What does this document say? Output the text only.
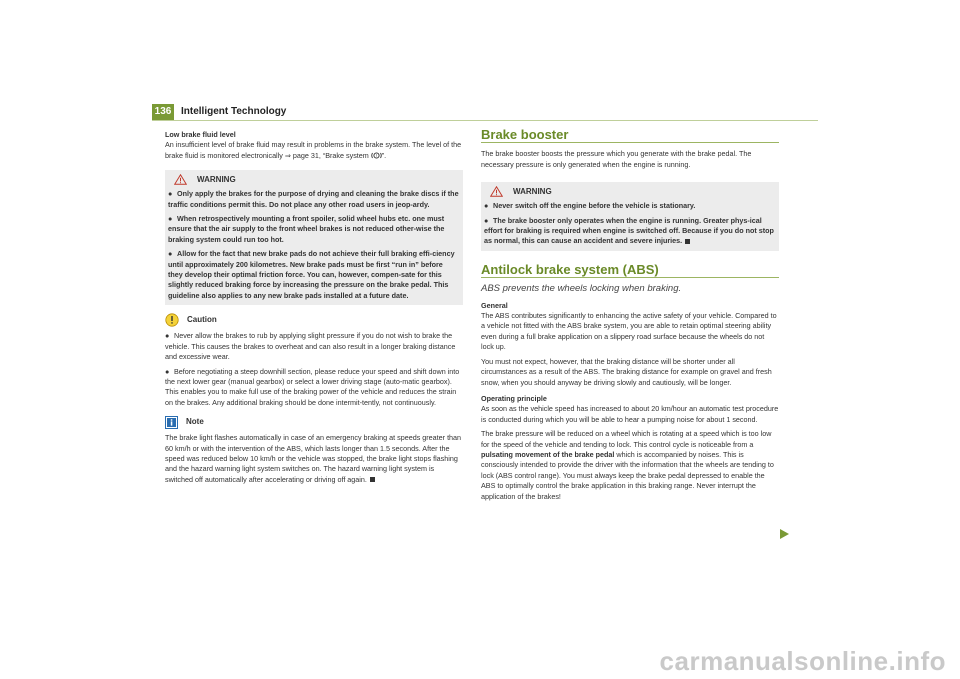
136 Intelligent Technology

Low brake fluid level

An insufficient level of brake fluid may result in problems in the brake system. The level of the brake fluid is monitored electronically ⇒ page 31, “Brake system ! ”.

WARNING
● Only apply the brakes for the purpose of drying and cleaning the brake discs if the traffic conditions permit this. Do not place any other road users in jeop-ardy.
● When retrospectively mounting a front spoiler, solid wheel hubs etc. one must ensure that the air supply to the front wheel brakes is not reduced other-wise the braking system could run too hot.
● Allow for the fact that new brake pads do not achieve their full braking effi-ciency until approximately 200 kilometres. New brake pads must be first “run in” before they develop their optimal friction force. You can, however, compen-sate for this slightly reduced braking force by increasing the pressure on the brake pedal. This guideline also applies to any new brake pads installed at a future date.
Caution

● Never allow the brakes to rub by applying slight pressure if you do not wish to brake the vehicle. This causes the brakes to overheat and can also result in a longer braking distance and excessive wear.

● Before negotiating a steep downhill section, please reduce your speed and shift down into the next lower gear (manual gearbox) or select a lower driving stage (auto-matic gearbox). This enables you to make full use of the braking power of the vehicle and reduces the strain on the brakes. Any additional braking should be done intermit-tently, not continuously.

Note

The brake light flashes automatically in case of an emergency braking at speeds greater than 60 km/h or with the intervention of the ABS, which lasts longer than 1.5 seconds. After the speed was reduced below 10 km/h or the vehicle was stopped, the brake light stops flashing and the hazard warning light system switches on. The hazard warning light system is switched off automatically after accelerating or driving off again.

Brake booster

The brake booster boosts the pressure which you generate with the brake pedal. The necessary pressure is only generated when the engine is running.

WARNING
● Never switch off the engine before the vehicle is stationary.
● The brake booster only operates when the engine is running. Greater phys-ical effort for braking is required when engine is switched off. Because if you do not stop as normal, this can cause an accident and severe injuries.
Antilock brake system (ABS)

ABS prevents the wheels locking when braking.

General

The ABS contributes significantly to enhancing the active safety of your vehicle. Compared to a vehicle not fitted with the ABS brake system, you are able to retain optimal steering ability even during a full brake application on a slippery road surface because the wheels do not lock up.

You must not expect, however, that the braking distance will be shorter under all circumstances as a result of the ABS. The braking distance for example on gravel and fresh snow, when you should anyway be driving slowly and cautiously, will be longer.

Operating principle

As soon as the vehicle speed has increased to about 20 km/hour an automatic test procedure is conducted during which you will be able to hear a pumping noise for about 1 second.

The brake pressure will be reduced on a wheel which is rotating at a speed which is too low for the speed of the vehicle and tending to lock. This control cycle is noticeable from a pulsating movement of the brake pedal which is accompanied by noises. This is consciously intended to provide the driver with the information that the wheels are tending to lock (ABS control range). You must always keep the brake pedal depressed to enable the ABS to optimally control the brake application in this braking range. Never interrupt the application of the brakes!

carmanualsonline.info
